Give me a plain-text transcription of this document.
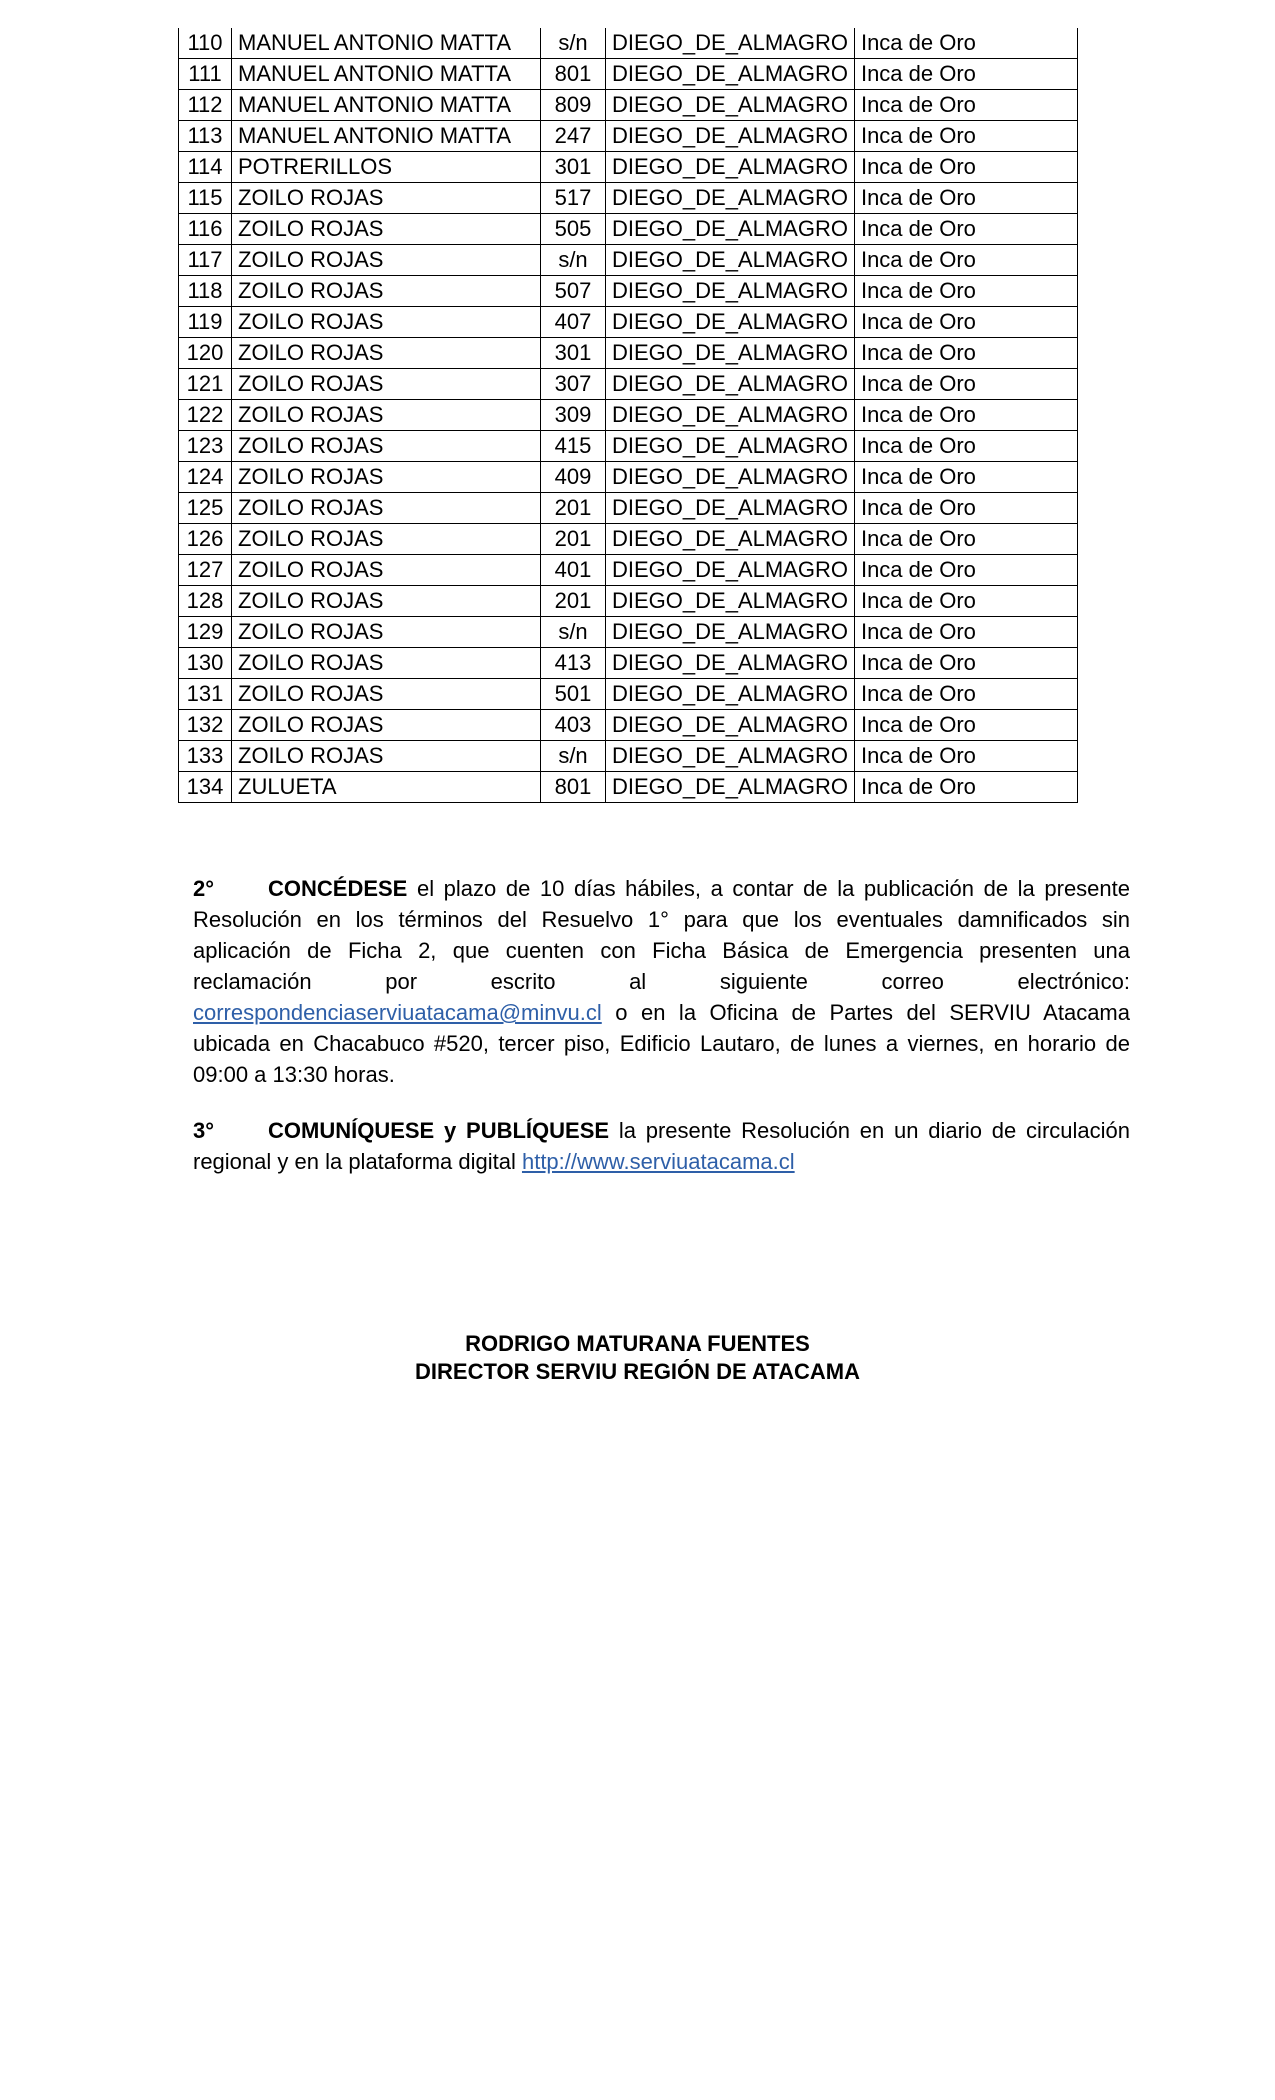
110	MANUEL ANTONIO MATTA	s/n	DIEGO_DE_ALMAGRO	Inca de Oro
111	MANUEL ANTONIO MATTA	801	DIEGO_DE_ALMAGRO	Inca de Oro
112	MANUEL ANTONIO MATTA	809	DIEGO_DE_ALMAGRO	Inca de Oro
113	MANUEL ANTONIO MATTA	247	DIEGO_DE_ALMAGRO	Inca de Oro
114	POTRERILLOS	301	DIEGO_DE_ALMAGRO	Inca de Oro
115	ZOILO ROJAS	517	DIEGO_DE_ALMAGRO	Inca de Oro
116	ZOILO ROJAS	505	DIEGO_DE_ALMAGRO	Inca de Oro
117	ZOILO ROJAS	s/n	DIEGO_DE_ALMAGRO	Inca de Oro
118	ZOILO ROJAS	507	DIEGO_DE_ALMAGRO	Inca de Oro
119	ZOILO ROJAS	407	DIEGO_DE_ALMAGRO	Inca de Oro
120	ZOILO ROJAS	301	DIEGO_DE_ALMAGRO	Inca de Oro
121	ZOILO ROJAS	307	DIEGO_DE_ALMAGRO	Inca de Oro
122	ZOILO ROJAS	309	DIEGO_DE_ALMAGRO	Inca de Oro
123	ZOILO ROJAS	415	DIEGO_DE_ALMAGRO	Inca de Oro
124	ZOILO ROJAS	409	DIEGO_DE_ALMAGRO	Inca de Oro
125	ZOILO ROJAS	201	DIEGO_DE_ALMAGRO	Inca de Oro
126	ZOILO ROJAS	201	DIEGO_DE_ALMAGRO	Inca de Oro
127	ZOILO ROJAS	401	DIEGO_DE_ALMAGRO	Inca de Oro
128	ZOILO ROJAS	201	DIEGO_DE_ALMAGRO	Inca de Oro
129	ZOILO ROJAS	s/n	DIEGO_DE_ALMAGRO	Inca de Oro
130	ZOILO ROJAS	413	DIEGO_DE_ALMAGRO	Inca de Oro
131	ZOILO ROJAS	501	DIEGO_DE_ALMAGRO	Inca de Oro
132	ZOILO ROJAS	403	DIEGO_DE_ALMAGRO	Inca de Oro
133	ZOILO ROJAS	s/n	DIEGO_DE_ALMAGRO	Inca de Oro
134	ZULUETA	801	DIEGO_DE_ALMAGRO	Inca de Oro
2° CONCÉDESE el plazo de 10 días hábiles, a contar de la publicación de la presente Resolución en los términos del Resuelvo 1° para que los eventuales damnificados sin aplicación de Ficha 2, que cuenten con Ficha Básica de Emergencia presenten una reclamación por escrito al siguiente correo electrónico: correspondenciaserviuatacama@minvu.cl o en la Oficina de Partes del SERVIU Atacama ubicada en Chacabuco #520, tercer piso, Edificio Lautaro, de lunes a viernes, en horario de 09:00 a 13:30 horas.
3° COMUNÍQUESE y PUBLÍQUESE la presente Resolución en un diario de circulación regional y en la plataforma digital http://www.serviuatacama.cl
RODRIGO MATURANA FUENTES
DIRECTOR SERVIU REGIÓN DE ATACAMA
